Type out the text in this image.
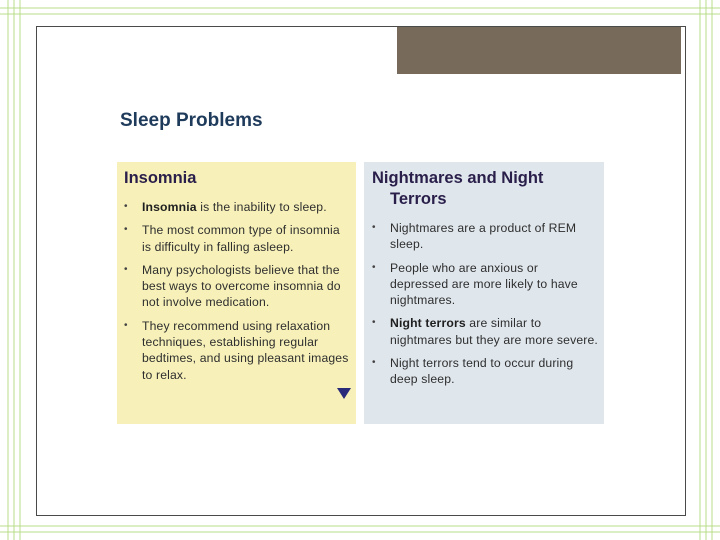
Sleep Problems
Insomnia
• Insomnia is the inability to sleep.
• The most common type of insomnia is difficulty in falling asleep.
• Many psychologists believe that the best ways to overcome insomnia do not involve medication.
• They recommend using relaxation techniques, establishing regular bedtimes, and using pleasant images to relax.
Nightmares and Night
Terrors
• Nightmares are a product of REM sleep.
• People who are anxious or depressed are more likely to have nightmares.
• Night terrors are similar to nightmares but they are more severe.
• Night terrors tend to occur during deep sleep.
